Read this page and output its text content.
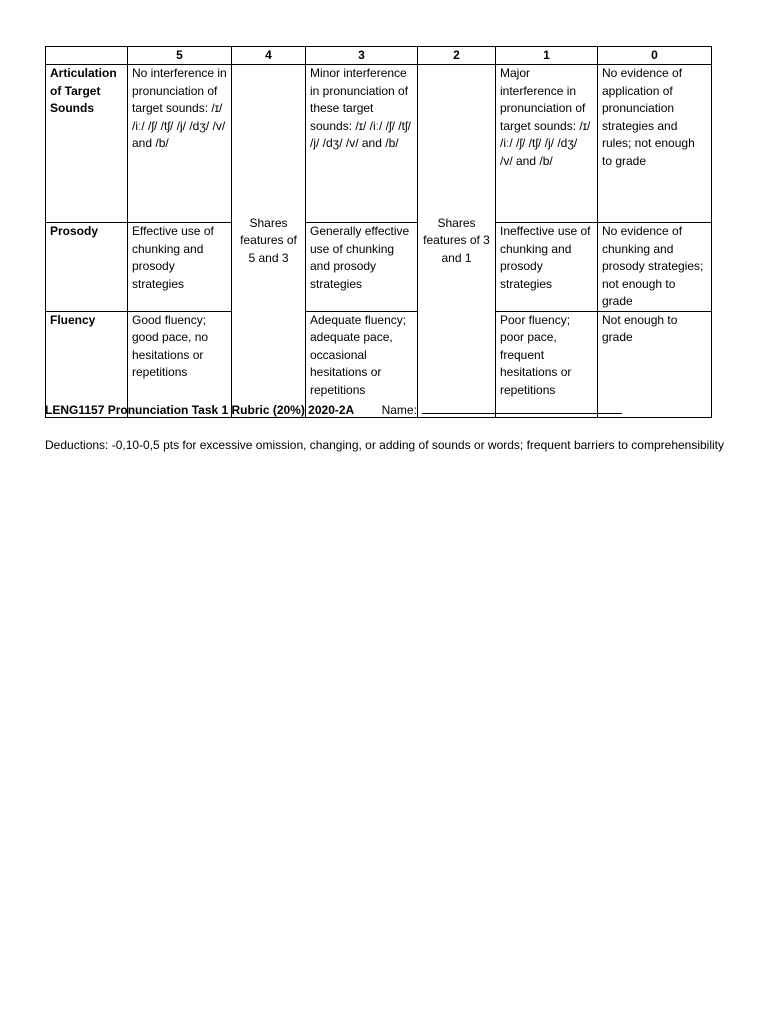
	5	4	3	2	1	0
Articulation of Target Sounds	No interference in pronunciation of target sounds: /ɪ/ /iː/ /ʃ/ /tʃ/ /j/ /dʒ/ /v/ and /b/	Shares features of 5 and 3	Minor interference in pronunciation of these target sounds: /ɪ/ /iː/ /ʃ/ /tʃ/ /j/ /dʒ/ /v/ and /b/	Shares features of 3 and 1	Major interference in pronunciation of target sounds: /ɪ/ /iː/ /ʃ/ /tʃ/ /j/ /dʒ/ /v/ and /b/	No evidence of application of pronunciation strategies and rules; not enough to grade
Prosody	Effective use of chunking and prosody strategies		Generally effective use of chunking and prosody strategies		Ineffective use of chunking and prosody strategies	No evidence of chunking and prosody strategies; not enough to grade
Fluency	Good fluency; good pace, no hesitations or repetitions		Adequate fluency; adequate pace, occasional hesitations or repetitions		Poor fluency; poor pace, frequent hesitations or repetitions	Not enough to grade
LENG1157 Pronunciation Task 1 Rubric (20%) 2020-2A Name:
Deductions: -0,10-0,5 pts for excessive omission, changing, or adding of sounds or words; frequent barriers to comprehensibility
